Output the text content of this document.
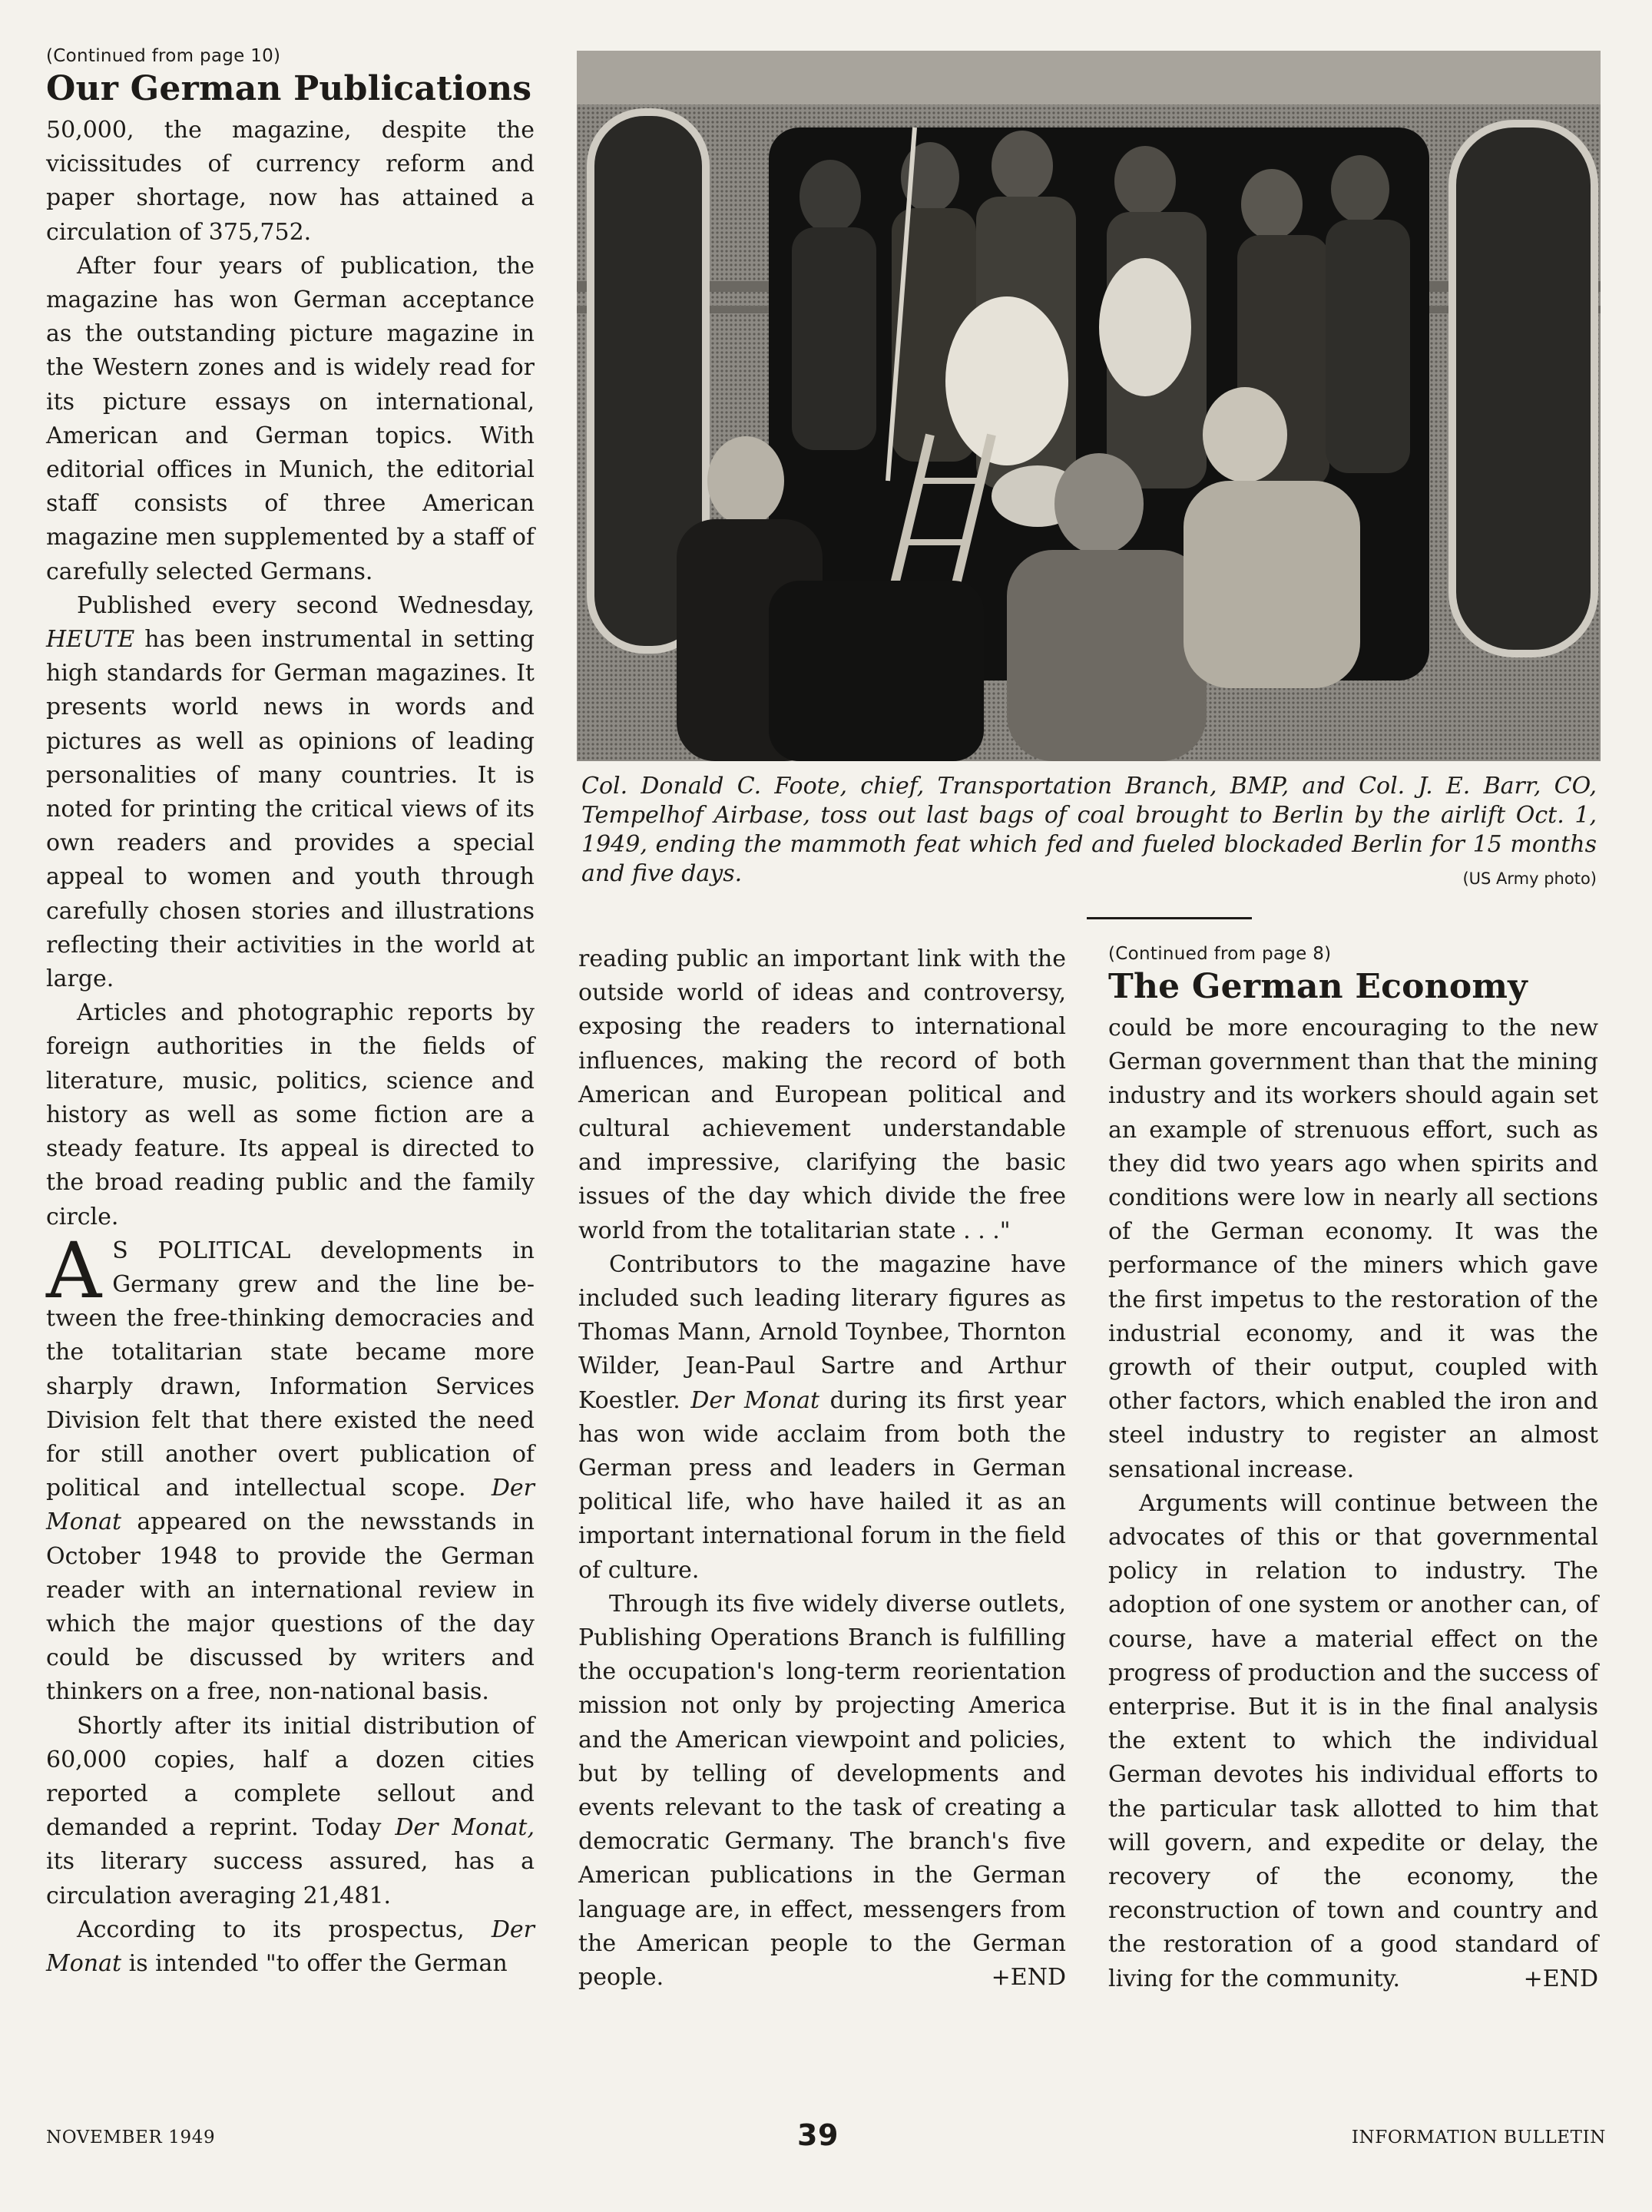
(Continued from page 10)

Our German Publications

50,000, the magazine, despite the vicissitudes of currency reform and paper shortage, now has attained a circulation of 375,752.

After four years of publication, the magazine has won German acceptance as the outstanding picture magazine in the Western zones and is widely read for its picture essays on international, American and German topics. With editorial offices in Munich, the editorial staff consists of three American magazine men supplemented by a staff of carefully selected Germans.

Published every second Wednesday, HEUTE has been instrumental in setting high standards for German magazines. It presents world news in words and pictures as well as opinions of leading personalities of many countries. It is noted for printing the critical views of its own readers and provides a special appeal to women and youth through carefully chosen stories and illustrations reflecting their activities in the world at large.

Articles and photographic reports by foreign authorities in the fields of literature, music, politics, science and history as well as some fiction are a steady feature. Its appeal is directed to the broad reading public and the family circle.

A S POLITICAL developments in Germany grew and the line between the free-thinking democracies and the totalitarian state became more sharply drawn, Information Services Division felt that there existed the need for still another overt publication of political and intellectual scope. Der Monat appeared on the newsstands in October 1948 to provide the German reader with an international review in which the major questions of the day could be discussed by writers and thinkers on a free, non-national basis.

Shortly after its initial distribution of 60,000 copies, half a dozen cities reported a complete sellout and demanded a reprint. Today Der Monat, its literary success assured, has a circulation averaging 21,481.

According to its prospectus, Der Monat is intended "to offer the German

Col. Donald C. Foote, chief, Transportation Branch, BMP, and Col. J. E. Barr, CO, Tempelhof Airbase, toss out last bags of coal brought to Berlin by the airlift Oct. 1, 1949, ending the mammoth feat which fed and fueled blockaded Berlin for 15 months and five days.	(US Army photo)

reading public an important link with the outside world of ideas and controversy, exposing the readers to international influences, making the record of both American and European political and cultural achievement understandable and impressive, clarifying the basic issues of the day which divide the free world from the totalitarian state . . ."

Contributors to the magazine have included such leading literary figures as Thomas Mann, Arnold Toynbee, Thornton Wilder, Jean-Paul Sartre and Arthur Koestler. Der Monat during its first year has won wide acclaim from both the German press and leaders in German political life, who have hailed it as an important international forum in the field of culture.

Through its five widely diverse outlets, Publishing Operations Branch is fulfilling the occupation's long-term reorientation mission not only by projecting America and the American viewpoint and policies, but by telling of developments and events relevant to the task of creating a democratic Germany. The branch's five American publications in the German language are, in effect, messengers from the American people to the German people.	+END

(Continued from page 8)

The German Economy

could be more encouraging to the new German government than that the mining industry and its workers should again set an example of strenuous effort, such as they did two years ago when spirits and conditions were low in nearly all sections of the German economy. It was the performance of the miners which gave the first impetus to the restoration of the industrial economy, and it was the growth of their output, coupled with other factors, which enabled the iron and steel industry to register an almost sensational increase.

Arguments will continue between the advocates of this or that governmental policy in relation to industry. The adoption of one system or another can, of course, have a material effect on the progress of production and the success of enterprise. But it is in the final analysis the extent to which the individual German devotes his individual efforts to the particular task allotted to him that will govern, and expedite or delay, the recovery of the economy, the reconstruction of town and country and the restoration of a good standard of living for the community.	+END

NOVEMBER 1949	39	INFORMATION BULLETIN
